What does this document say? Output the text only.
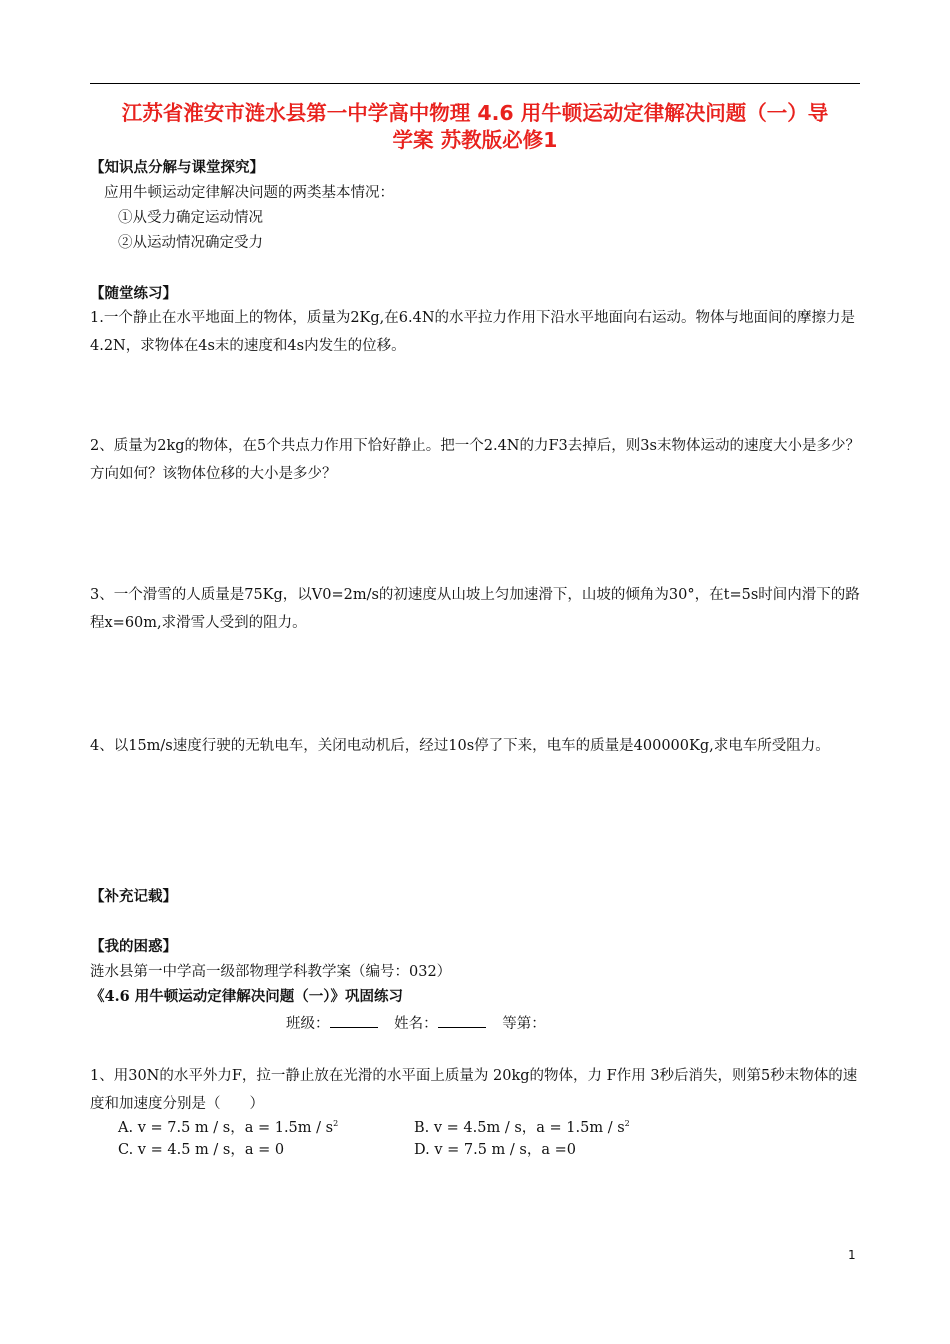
江苏省淮安市涟水县第一中学高中物理 4.6 用牛顿运动定律解决问题（一）导
学案 苏教版必修1
【知识点分解与课堂探究】
应用牛顿运动定律解决问题的两类基本情况：
①从受力确定运动情况
②从运动情况确定受力
【随堂练习】
1.一个静止在水平地面上的物体，质量为2Kg,在6.4N的水平拉力作用下沿水平地面向右运动。物体与地面间的摩擦力是4.2N，求物体在4s末的速度和4s内发生的位移。
2、质量为2kg的物体，在5个共点力作用下恰好静止。把一个2.4N的力F3去掉后，则3s末物体运动的速度大小是多少？方向如何？该物体位移的大小是多少？
3、一个滑雪的人质量是75Kg，以V0=2m/s的初速度从山坡上匀加速滑下，山坡的倾角为30°，在t=5s时间内滑下的路程x=60m,求滑雪人受到的阻力。
4、以15m/s速度行驶的无轨电车，关闭电动机后，经过10s停了下来，电车的质量是400000Kg,求电车所受阻力。
【补充记载】
【我的困惑】
涟水县第一中学高一级部物理学科教学案（编号：032）
《4.6 用牛顿运动定律解决问题（一）》巩固练习
班级：	姓名：	等第：
1、用30N的水平外力F，拉一静止放在光滑的水平面上质量为 20kg的物体，力 F作用 3秒后消失，则第5秒末物体的速度和加速度分别是（　　）
A. v = 7.5 m / s，$a = 1.5m / s^2$	B. v = 4.5m / s，$a = 1.5m / s^2$
C. v = 4.5 m / s，a = 0	D. v = 7.5 m / s，a =0
1
